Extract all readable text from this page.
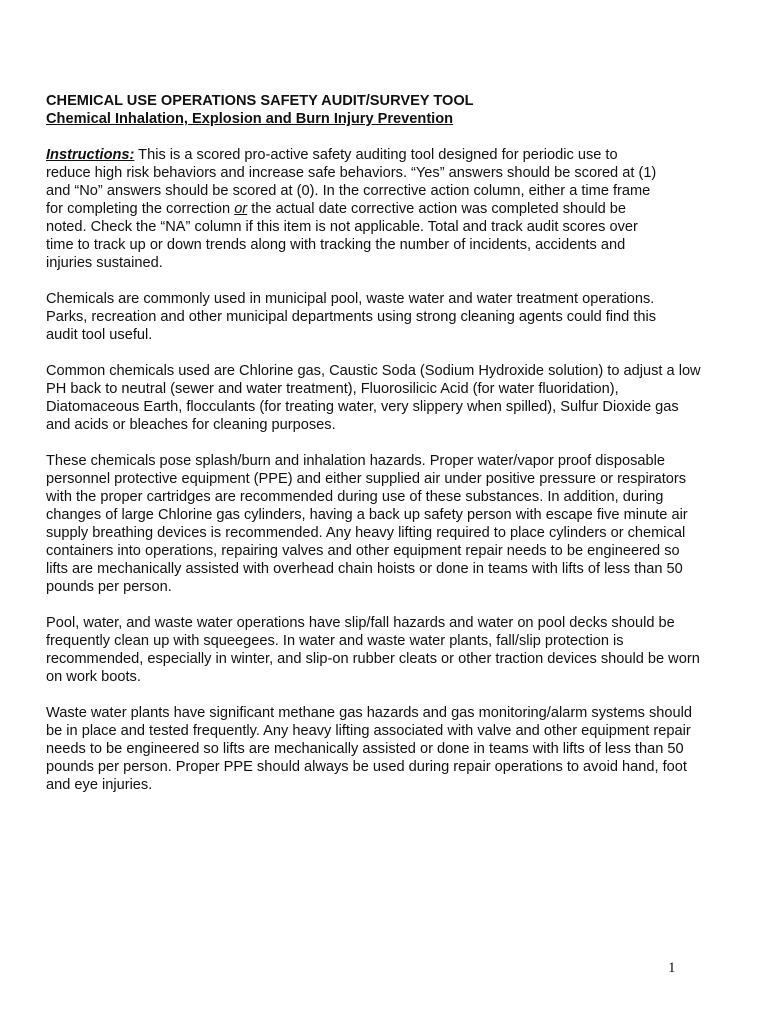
CHEMICAL USE OPERATIONS SAFETY AUDIT/SURVEY TOOL

Chemical Inhalation, Explosion and Burn Injury Prevention

Instructions: This is a scored pro-active safety auditing tool designed for periodic use to
reduce high risk behaviors and increase safe behaviors. “Yes” answers should be scored at (1)
and “No” answers should be scored at (0). In the corrective action column, either a time frame
for completing the correction or the actual date corrective action was completed should be
noted. Check the “NA” column if this item is not applicable. Total and track audit scores over
time to track up or down trends along with tracking the number of incidents, accidents and
injuries sustained.

Chemicals are commonly used in municipal pool, waste water and water treatment operations.
Parks, recreation and other municipal departments using strong cleaning agents could find this
audit tool useful.

Common chemicals used are Chlorine gas, Caustic Soda (Sodium Hydroxide solution) to adjust a low
PH back to neutral (sewer and water treatment), Fluorosilicic Acid (for water fluoridation),
Diatomaceous Earth, flocculants (for treating water, very slippery when spilled), Sulfur Dioxide gas
and acids or bleaches for cleaning purposes.

These chemicals pose splash/burn and inhalation hazards. Proper water/vapor proof disposable
personnel protective equipment (PPE) and either supplied air under positive pressure or respirators
with the proper cartridges are recommended during use of these substances. In addition, during
changes of large Chlorine gas cylinders, having a back up safety person with escape five minute air
supply breathing devices is recommended. Any heavy lifting required to place cylinders or chemical
containers into operations, repairing valves and other equipment repair needs to be engineered so
lifts are mechanically assisted with overhead chain hoists or done in teams with lifts of less than 50
pounds per person.

Pool, water, and waste water operations have slip/fall hazards and water on pool decks should be
frequently clean up with squeegees. In water and waste water plants, fall/slip protection is
recommended, especially in winter, and slip-on rubber cleats or other traction devices should be worn
on work boots.

Waste water plants have significant methane gas hazards and gas monitoring/alarm systems should
be in place and tested frequently. Any heavy lifting associated with valve and other equipment repair
needs to be engineered so lifts are mechanically assisted or done in teams with lifts of less than 50
pounds per person. Proper PPE should always be used during repair operations to avoid hand, foot
and eye injuries.

1
